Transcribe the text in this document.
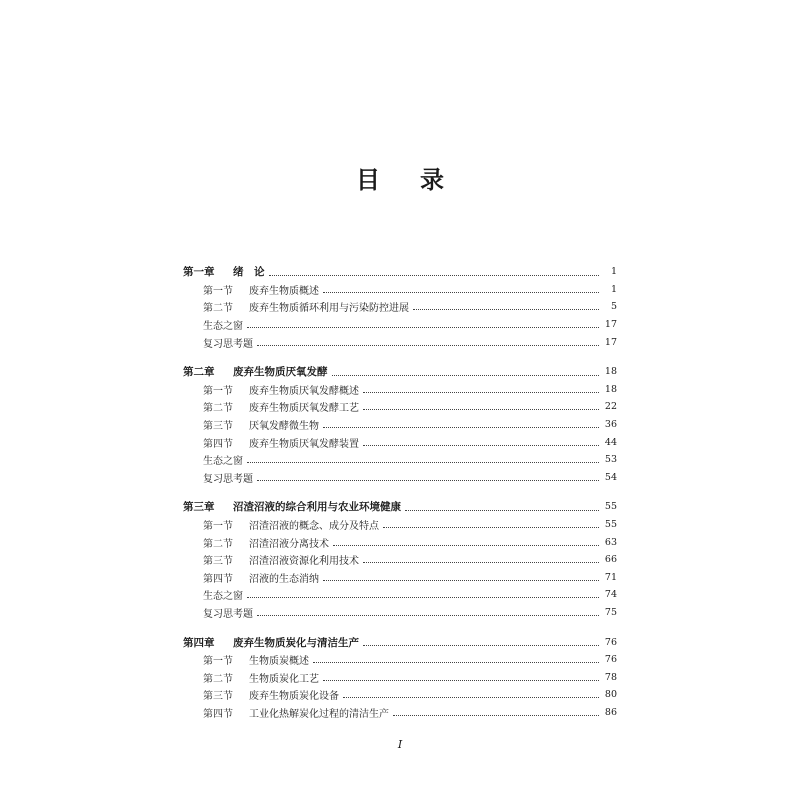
目 录
第一章	绪　论	1
第一节	废弃生物质概述	1
第二节	废弃生物质循环利用与污染防控进展	5
生态之窗	17
复习思考题	17
第二章	废弃生物质厌氧发酵	18
第一节	废弃生物质厌氧发酵概述	18
第二节	废弃生物质厌氧发酵工艺	22
第三节	厌氧发酵微生物	36
第四节	废弃生物质厌氧发酵装置	44
生态之窗	53
复习思考题	54
第三章	沼渣沼液的综合利用与农业环境健康	55
第一节	沼渣沼液的概念、成分及特点	55
第二节	沼渣沼液分离技术	63
第三节	沼渣沼液资源化利用技术	66
第四节	沼液的生态消纳	71
生态之窗	74
复习思考题	75
第四章	废弃生物质炭化与清洁生产	76
第一节	生物质炭概述	76
第二节	生物质炭化工艺	78
第三节	废弃生物质炭化设备	80
第四节	工业化热解炭化过程的清洁生产	86
I
